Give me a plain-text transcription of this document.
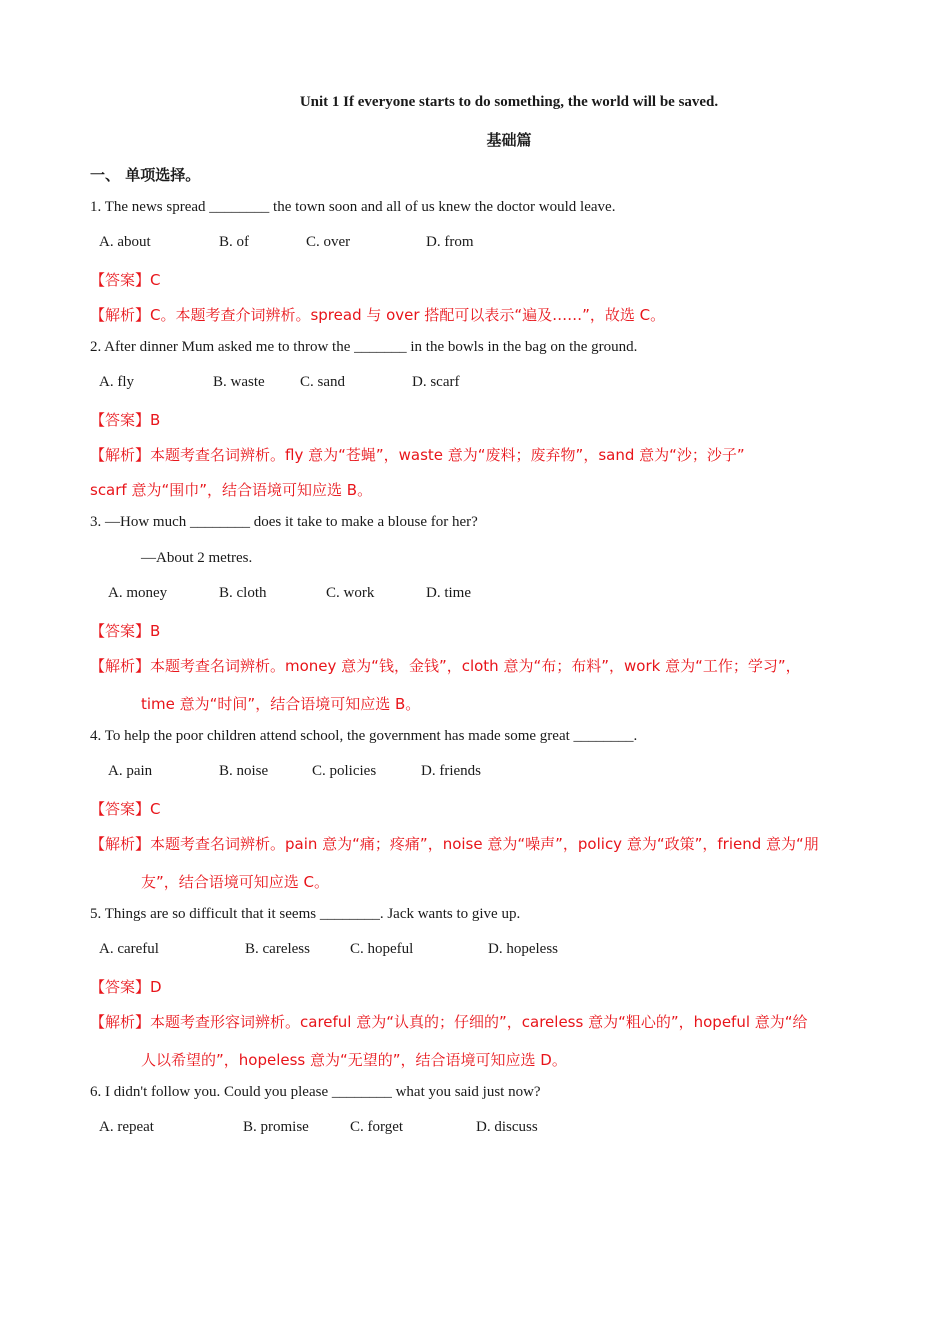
Unit 1 If everyone starts to do something, the world will be saved.
基础篇
一、 单项选择。
1. The news spread ________ the town soon and all of us knew the doctor would leave.
A. about	B. of	C. over	D. from
【答案】C
【解析】C。本题考查介词辨析。spread 与 over 搭配可以表示“遍及……”，故选 C。
2. After dinner Mum asked me to throw the _______ in the bowls in the bag on the ground.
A. fly	B. waste C. sand	D. scarf
【答案】B
【解析】本题考查名词辨析。fly 意为“苍蝇”，waste 意为“废料；废弃物”，sand 意为“沙；沙子”
scarf 意为“围巾”，结合语境可知应选 B。
3. —How much ________ does it take to make a blouse for her?
—About 2 metres.
A. money	B. cloth	C. work	D. time
【答案】B
【解析】本题考查名词辨析。money 意为“钱，金钱”，cloth 意为“布；布料”，work 意为“工作；学习”，
time 意为“时间”，结合语境可知应选 B。
4. To help the poor children attend school, the government has made some great ________.
A. pain	B. noise	C. policies	D. friends
【答案】C
【解析】本题考查名词辨析。pain 意为“痛；疼痛”，noise 意为“噪声”，policy 意为“政策”，friend 意为“朋
友”，结合语境可知应选 C。
5. Things are so difficult that it seems ________. Jack wants to give up.
A. careful	B. careless	C. hopeful	D. hopeless
【答案】D
【解析】本题考查形容词辨析。careful 意为“认真的；仔细的”，careless 意为“粗心的”，hopeful 意为“给
人以希望的”，hopeless 意为“无望的”，结合语境可知应选 D。
6. I didn't follow you. Could you please ________ what you said just now?
A. repeat	B. promise	C. forget	D. discuss
